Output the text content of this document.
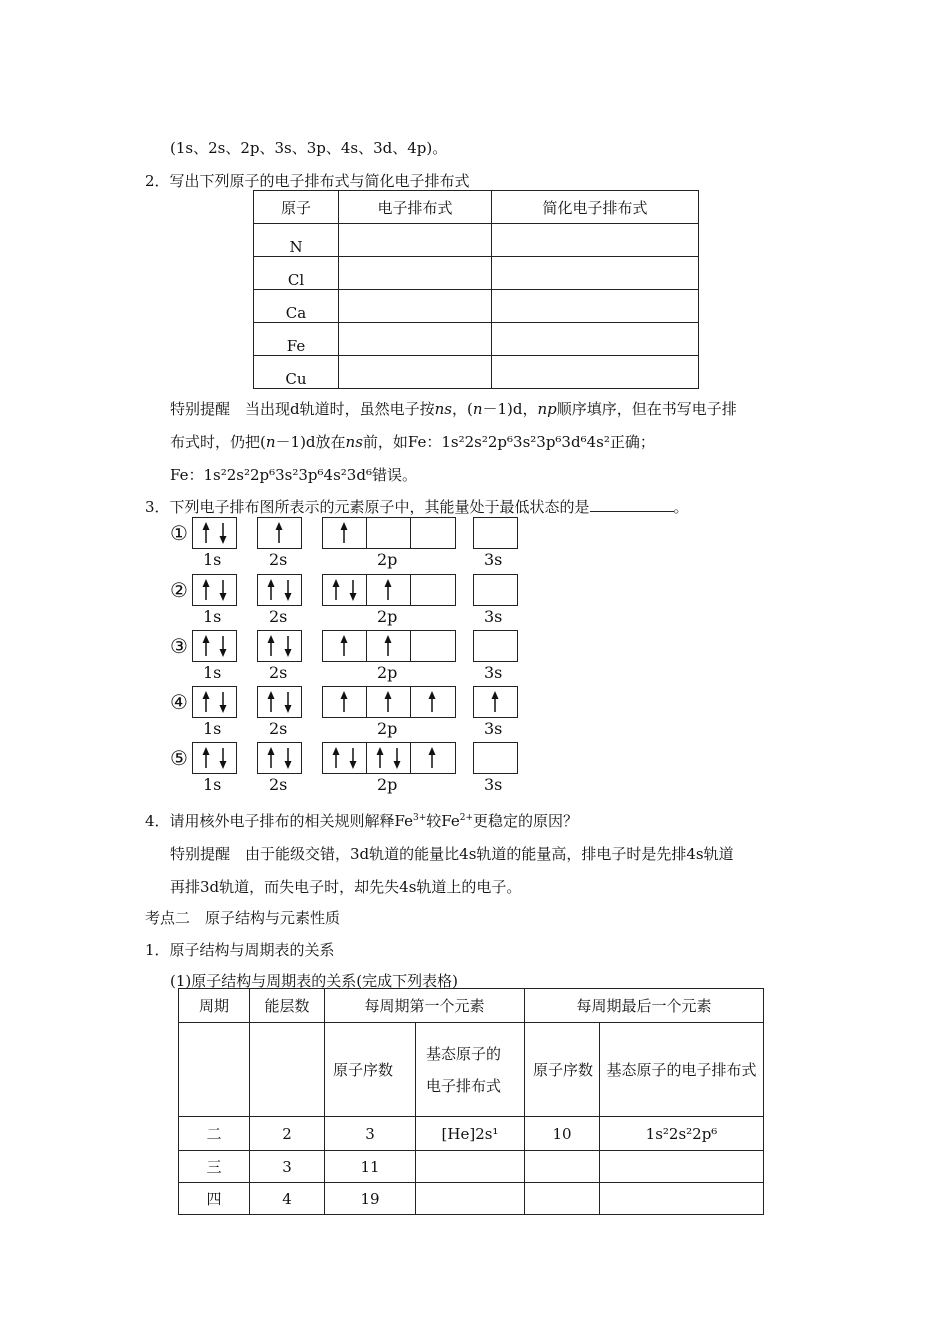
(1s、2s、2p、3s、3p、4s、3d、4p)。
2．写出下列原子的电子排布式与简化电子排布式
原子	电子排布式	简化电子排布式
N		
Cl		
Ca		
Fe		
Cu		
特别提醒　当出现d轨道时，虽然电子按ns，(n－1)d，np顺序填序，但在书写电子排
布式时，仍把(n－1)d放在ns前，如Fe：1s²2s²2p⁶3s²3p⁶3d⁶4s²正确；
Fe：1s²2s²2p⁶3s²3p⁶4s²3d⁶错误。
3．下列电子排布图所表示的元素原子中，其能量处于最低状态的是	。
①
1s	2s	2p	3s
②
1s	2s	2p	3s
③
1s	2s	2p	3s
④
1s	2s	2p	3s
⑤
1s	2s	2p	3s
4．请用核外电子排布的相关规则解释$Fe^{3+}$较$Fe^{2+}$更稳定的原因？
特别提醒　由于能级交错，3d轨道的能量比4s轨道的能量高，排电子时是先排4s轨道
再排3d轨道，而失电子时，却先失4s轨道上的电子。
考点二　原子结构与元素性质
1．原子结构与周期表的关系
(1)原子结构与周期表的关系(完成下列表格)
周期	能层数	每周期第一个元素		每周期最后一个元素	
		原子序数	基态原子的电子排布式	原子序数	基态原子的电子排布式
二	2	3	[He]2s¹	10	1s²2s²2p⁶
三	3	11			
四	4	19			
